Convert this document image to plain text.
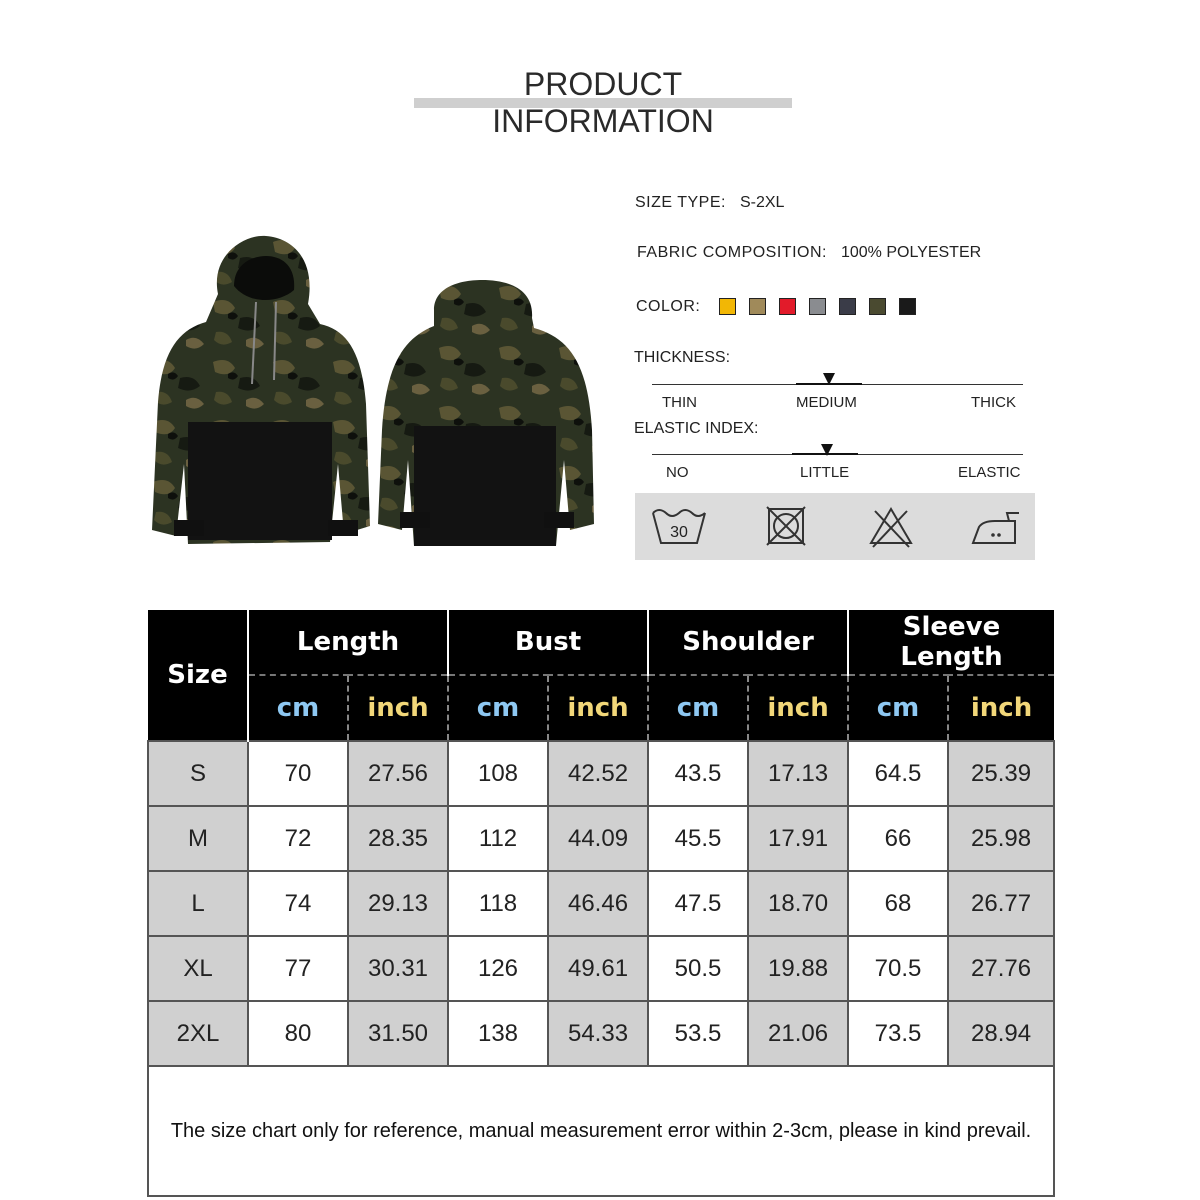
PRODUCT INFORMATION
SIZE TYPE: S-2XL
FABRIC COMPOSITION: 100% POLYESTER
COLOR:
THICKNESS:
THIN	MEDIUM	THICK
ELASTIC INDEX:
NO	LITTLE	ELASTIC
30
Size	Length		Bust		Shoulder		Sleeve Length	
	cm	inch	cm	inch	cm	inch	cm	inch
S	70	27.56	108	42.52	43.5	17.13	64.5	25.39
M	72	28.35	112	44.09	45.5	17.91	66	25.98
L	74	29.13	118	46.46	47.5	18.70	68	26.77
XL	77	30.31	126	49.61	50.5	19.88	70.5	27.76
2XL	80	31.50	138	54.33	53.5	21.06	73.5	28.94
The size chart only for reference, manual measurement error within 2-3cm, please in kind prevail.								
